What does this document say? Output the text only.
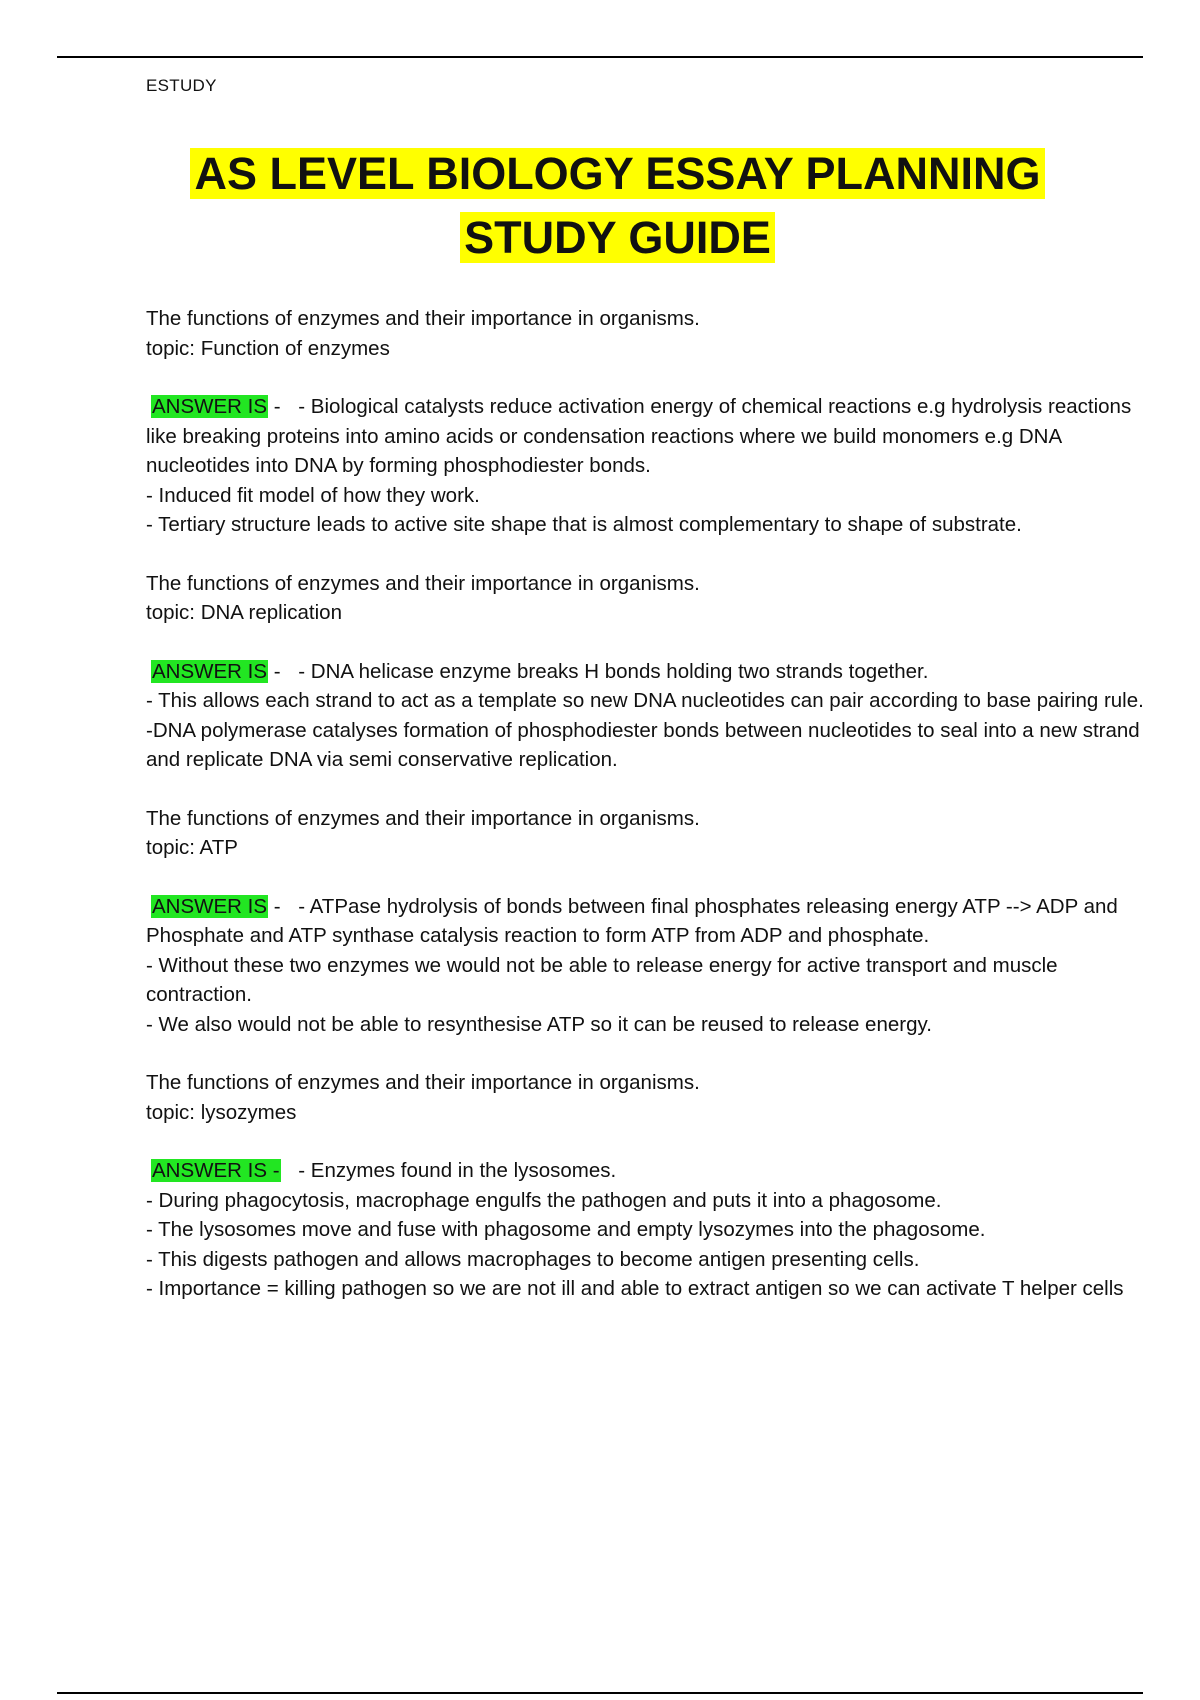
ESTUDY
AS LEVEL BIOLOGY ESSAY PLANNING
STUDY GUIDE
The functions of enzymes and their importance in organisms.
topic: Function of enzymes
ANSWER IS - - Biological catalysts reduce activation energy of chemical reactions e.g hydrolysis reactions like breaking proteins into amino acids or condensation reactions where we build monomers e.g DNA nucleotides into DNA by forming phosphodiester bonds.
- Induced fit model of how they work.
- Tertiary structure leads to active site shape that is almost complementary to shape of substrate.
The functions of enzymes and their importance in organisms.
topic: DNA replication
ANSWER IS - - DNA helicase enzyme breaks H bonds holding two strands together.
- This allows each strand to act as a template so new DNA nucleotides can pair according to base pairing rule.
-DNA polymerase catalyses formation of phosphodiester bonds between nucleotides to seal into a new strand and replicate DNA via semi conservative replication.
The functions of enzymes and their importance in organisms.
topic: ATP
ANSWER IS - - ATPase hydrolysis of bonds between final phosphates releasing energy ATP --> ADP and Phosphate and ATP synthase catalysis reaction to form ATP from ADP and phosphate.
- Without these two enzymes we would not be able to release energy for active transport and muscle contraction.
- We also would not be able to resynthesise ATP so it can be reused to release energy.
The functions of enzymes and their importance in organisms.
topic: lysozymes
ANSWER IS - - Enzymes found in the lysosomes.
- During phagocytosis, macrophage engulfs the pathogen and puts it into a phagosome.
- The lysosomes move and fuse with phagosome and empty lysozymes into the phagosome.
- This digests pathogen and allows macrophages to become antigen presenting cells.
- Importance = killing pathogen so we are not ill and able to extract antigen so we can activate T helper cells
